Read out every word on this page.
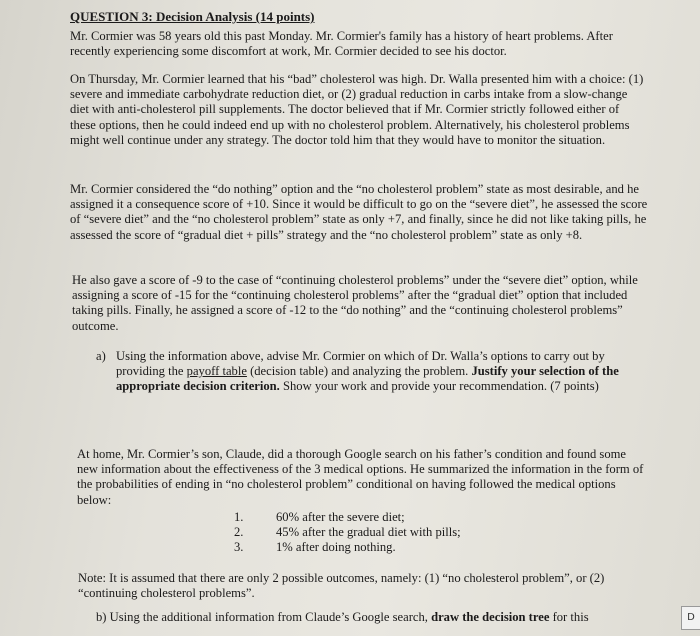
QUESTION 3: Decision Analysis (14 points)
Mr. Cormier was 58 years old this past Monday. Mr. Cormier's family has a history of heart problems. After recently experiencing some discomfort at work, Mr. Cormier decided to see his doctor.
On Thursday, Mr. Cormier learned that his “bad” cholesterol was high. Dr. Walla presented him with a choice: (1) severe and immediate carbohydrate reduction diet, or (2) gradual reduction in carbs intake from a slow-change diet with anti-cholesterol pill supplements. The doctor believed that if Mr. Cormier strictly followed either of these options, then he could indeed end up with no cholesterol problem. Alternatively, his cholesterol problems might well continue under any strategy. The doctor told him that they would have to monitor the situation.
Mr. Cormier considered the “do nothing” option and the “no cholesterol problem” state as most desirable, and he assigned it a consequence score of +10. Since it would be difficult to go on the “severe diet”, he assessed the score of “severe diet” and the “no cholesterol problem” state as only +7, and finally, since he did not like taking pills, he assessed the score of “gradual diet + pills” strategy and the “no cholesterol problem” state as only +8.
He also gave a score of -9 to the case of “continuing cholesterol problems” under the “severe diet” option, while assigning a score of -15 for the “continuing cholesterol problems” after the “gradual diet” option that included taking pills. Finally, he assigned a score of -12 to the “do nothing” and the “continuing cholesterol problems” outcome.
a) Using the information above, advise Mr. Cormier on which of Dr. Walla’s options to carry out by providing the payoff table (decision table) and analyzing the problem. Justify your selection of the appropriate decision criterion. Show your work and provide your recommendation. (7 points)
At home, Mr. Cormier’s son, Claude, did a thorough Google search on his father’s condition and found some new information about the effectiveness of the 3 medical options. He summarized the information in the form of the probabilities of ending in “no cholesterol problem” conditional on having followed the medical options below:
1.	60% after the severe diet;
2.	45% after the gradual diet with pills;
3.	1% after doing nothing.
Note: It is assumed that there are only 2 possible outcomes, namely: (1) “no cholesterol problem”, or (2) “continuing cholesterol problems”.
b) Using the additional information from Claude’s Google search, draw the decision tree for this	D
